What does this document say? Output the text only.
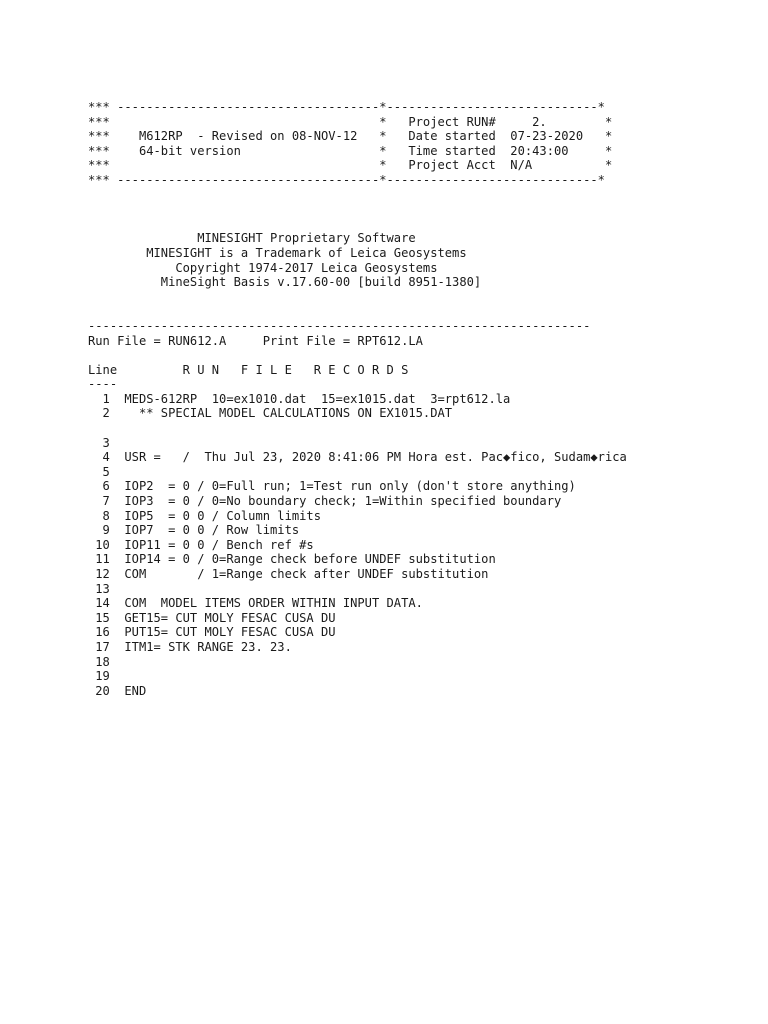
*** ------------------------------------*-----------------------------*
***                                     *   Project RUN#     2.        *
***    M612RP  - Revised on 08-NOV-12   *   Date started  07-23-2020   *
***    64-bit version                   *   Time started  20:43:00     *
***                                     *   Project Acct  N/A          *
*** ------------------------------------*-----------------------------*
MINESIGHT Proprietary Software
MINESIGHT is a Trademark of Leica Geosystems
Copyright 1974-2017 Leica Geosystems
MineSight Basis v.17.60-00 [build 8951-1380]
---------------------------------------------------------------------
Run File = RUN612.A     Print File = RPT612.LA
Line         R U N   F I L E   R E C O R D S
----
1  MEDS-612RP  10=ex1010.dat  15=ex1015.dat  3=rpt612.la
2    ** SPECIAL MODEL CALCULATIONS ON EX1015.DAT
3
4  USR =   /  Thu Jul 23, 2020 8:41:06 PM Hora est. Pac◆fico, Sudam◆rica
5
6  IOP2  = 0 / 0=Full run; 1=Test run only (don't store anything)
7  IOP3  = 0 / 0=No boundary check; 1=Within specified boundary
8  IOP5  = 0 0 / Column limits
9  IOP7  = 0 0 / Row limits
10  IOP11 = 0 0 / Bench ref #s
11  IOP14 = 0 / 0=Range check before UNDEF substitution
12  COM       / 1=Range check after UNDEF substitution
13
14  COM  MODEL ITEMS ORDER WITHIN INPUT DATA.
15  GET15= CUT MOLY FESAC CUSA DU
16  PUT15= CUT MOLY FESAC CUSA DU
17  ITM1= STK RANGE 23. 23.
18
19
20  END
